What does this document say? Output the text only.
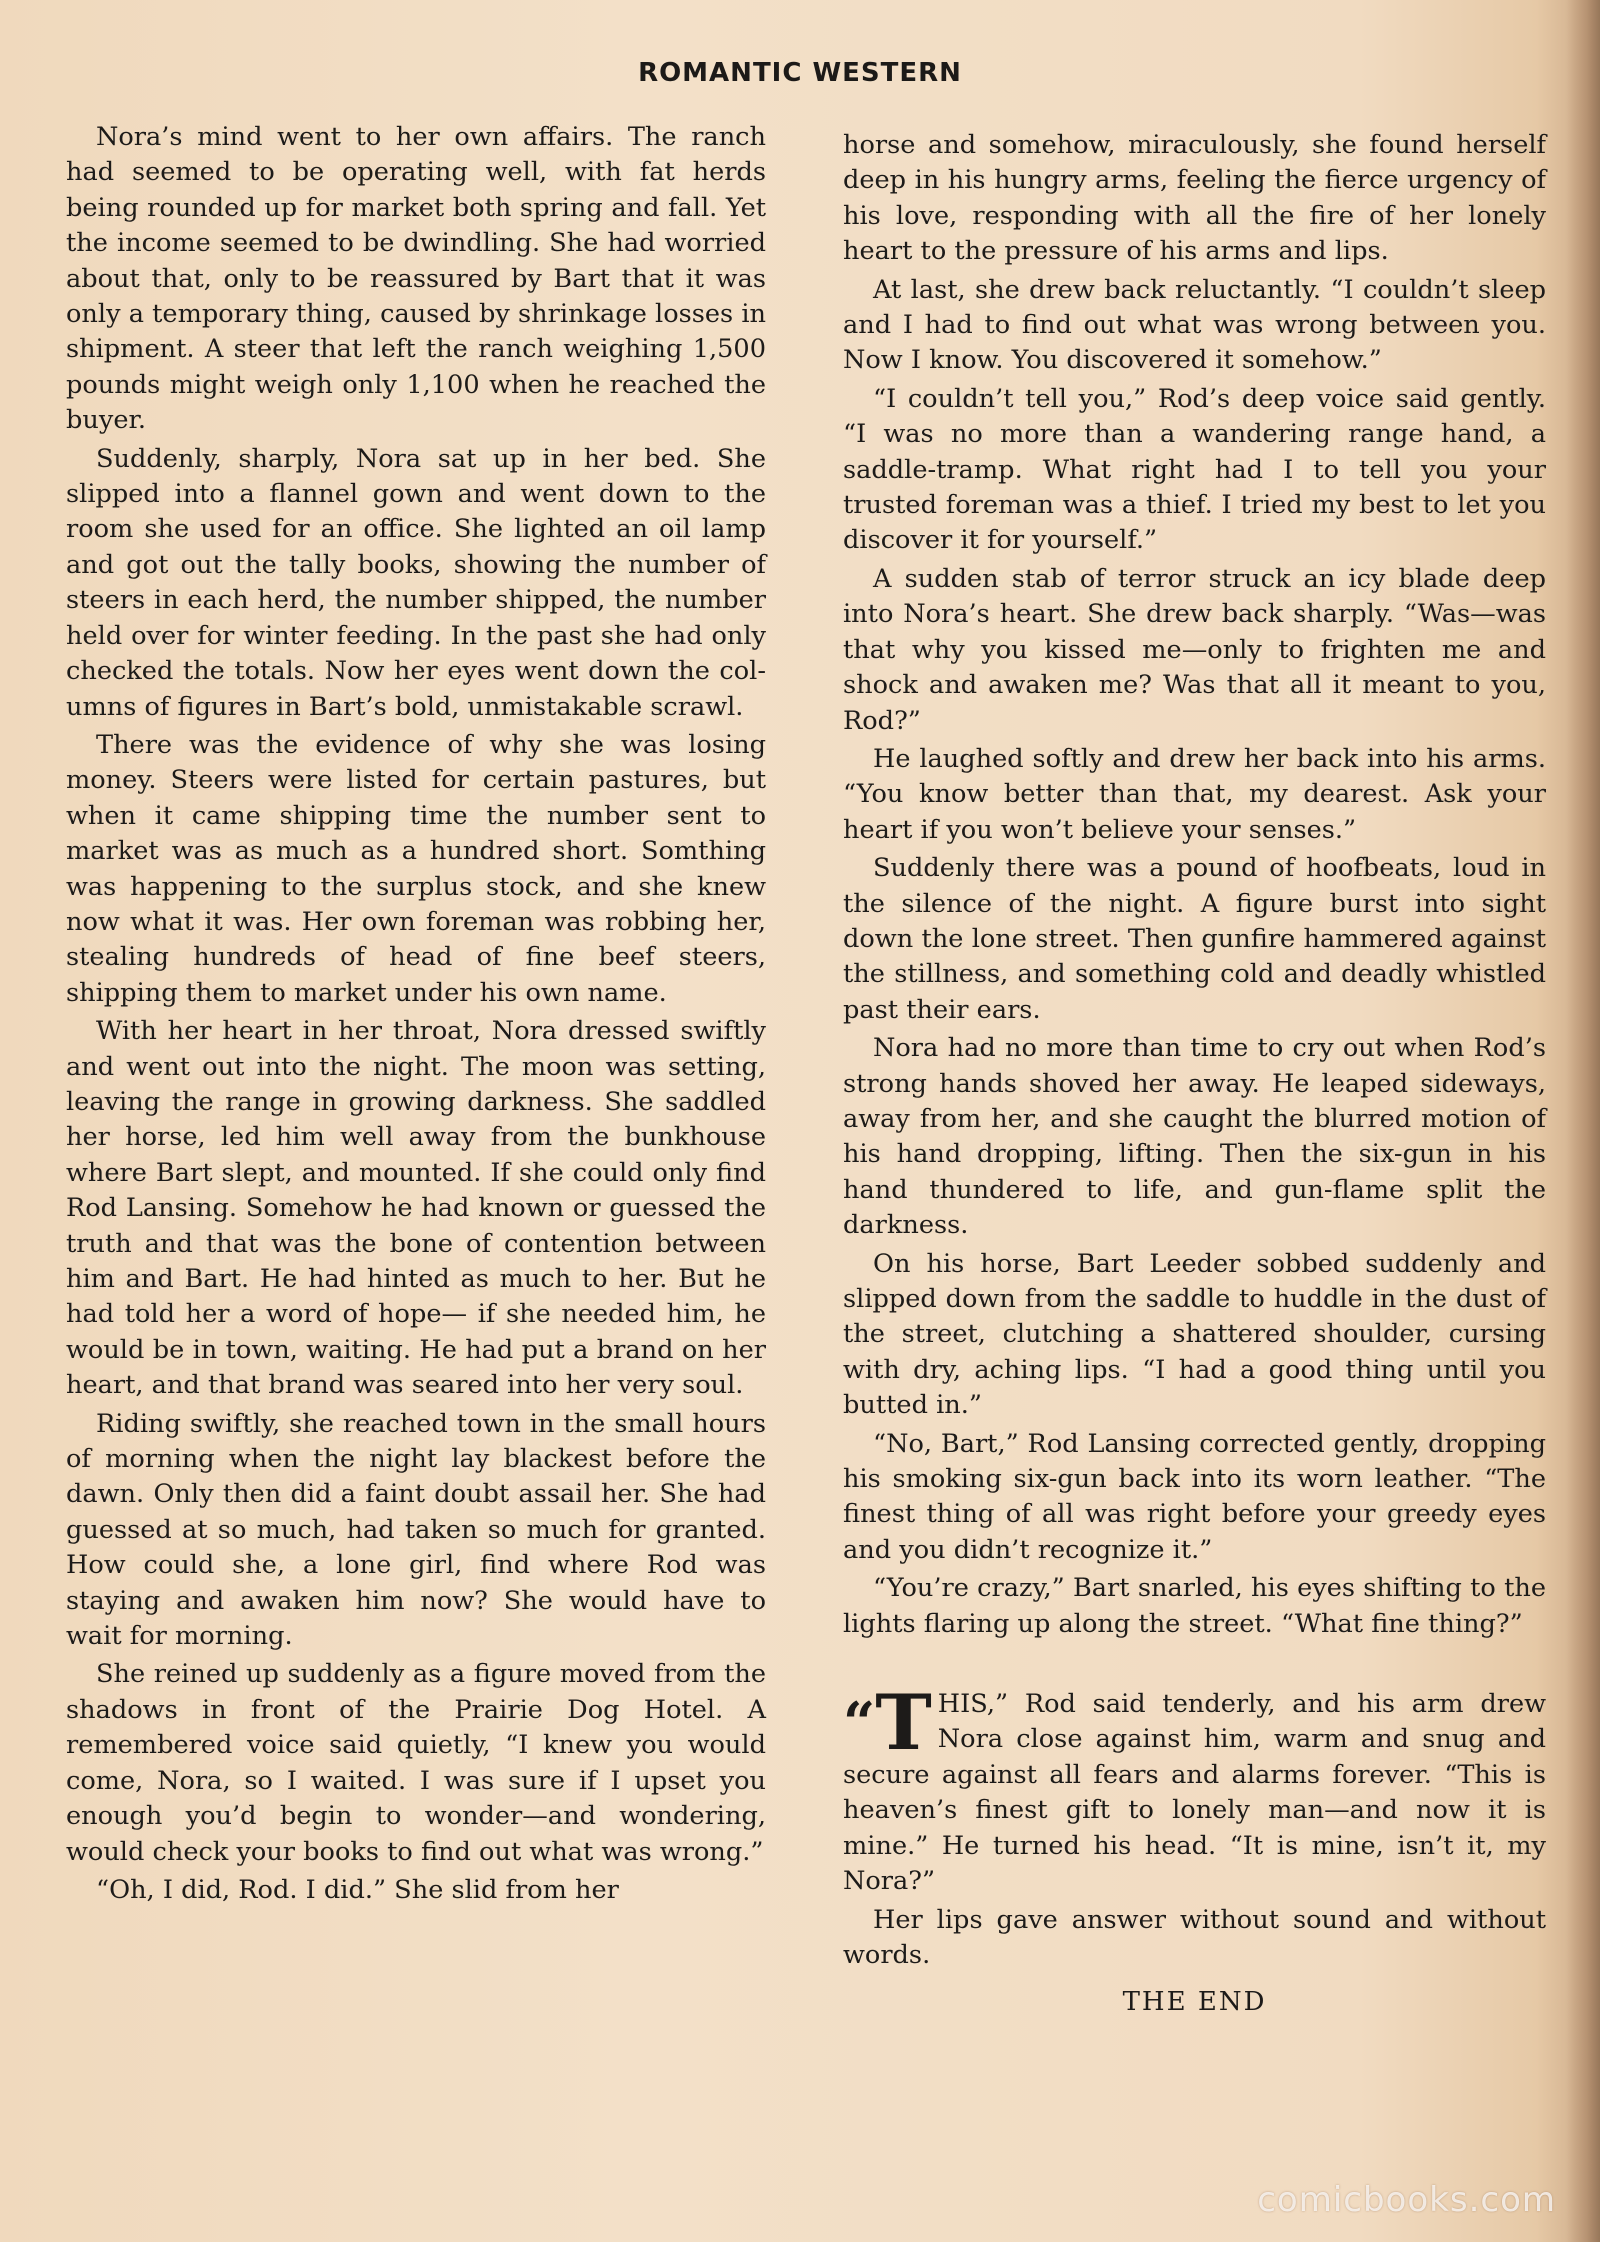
ROMANTIC WESTERN

Nora’s mind went to her own affairs. The ranch had seemed to be operating well, with fat herds being rounded up for market both spring and fall. Yet the income seemed to be dwindling. She had worried about that, only to be reassured by Bart that it was only a temporary thing, caused by shrinkage losses in shipment. A steer that left the ranch weighing 1,500 pounds might weigh only 1,100 when he reached the buyer.

Suddenly, sharply, Nora sat up in her bed. She slipped into a flannel gown and went down to the room she used for an office. She lighted an oil lamp and got out the tally books, showing the number of steers in each herd, the number shipped, the number held over for winter feeding. In the past she had only checked the totals. Now her eyes went down the columns of figures in Bart’s bold, unmistakable scrawl.

There was the evidence of why she was losing money. Steers were listed for certain pastures, but when it came shipping time the number sent to market was as much as a hundred short. Somthing was happening to the surplus stock, and she knew now what it was. Her own foreman was robbing her, stealing hundreds of head of fine beef steers, shipping them to market under his own name.

With her heart in her throat, Nora dressed swiftly and went out into the night. The moon was setting, leaving the range in growing darkness. She saddled her horse, led him well away from the bunkhouse where Bart slept, and mounted. If she could only find Rod Lansing. Somehow he had known or guessed the truth and that was the bone of contention between him and Bart. He had hinted as much to her. But he had told her a word of hope— if she needed him, he would be in town, waiting. He had put a brand on her heart, and that brand was seared into her very soul.

Riding swiftly, she reached town in the small hours of morning when the night lay blackest before the dawn. Only then did a faint doubt assail her. She had guessed at so much, had taken so much for granted. How could she, a lone girl, find where Rod was staying and awaken him now? She would have to wait for morning.

She reined up suddenly as a figure moved from the shadows in front of the Prairie Dog Hotel. A remembered voice said quietly, “I knew you would come, Nora, so I waited. I was sure if I upset you enough you’d begin to wonder—and wondering, would check your books to find out what was wrong.”

“Oh, I did, Rod. I did.” She slid from her

horse and somehow, miraculously, she found herself deep in his hungry arms, feeling the fierce urgency of his love, responding with all the fire of her lonely heart to the pressure of his arms and lips.

At last, she drew back reluctantly. “I couldn’t sleep and I had to find out what was wrong between you. Now I know. You discovered it somehow.”

“I couldn’t tell you,” Rod’s deep voice said gently. “I was no more than a wandering range hand, a saddle-tramp. What right had I to tell you your trusted foreman was a thief. I tried my best to let you discover it for yourself.”

A sudden stab of terror struck an icy blade deep into Nora’s heart. She drew back sharply. “Was—was that why you kissed me—only to frighten me and shock and awaken me? Was that all it meant to you, Rod?”

He laughed softly and drew her back into his arms. “You know better than that, my dearest. Ask your heart if you won’t believe your senses.”

Suddenly there was a pound of hoofbeats, loud in the silence of the night. A figure burst into sight down the lone street. Then gunfire hammered against the stillness, and something cold and deadly whistled past their ears.

Nora had no more than time to cry out when Rod’s strong hands shoved her away. He leaped sideways, away from her, and she caught the blurred motion of his hand dropping, lifting. Then the six-gun in his hand thundered to life, and gun-flame split the darkness.

On his horse, Bart Leeder sobbed suddenly and slipped down from the saddle to huddle in the dust of the street, clutching a shattered shoulder, cursing with dry, aching lips. “I had a good thing until you butted in.”

“No, Bart,” Rod Lansing corrected gently, dropping his smoking six-gun back into its worn leather. “The finest thing of all was right before your greedy eyes and you didn’t recognize it.”

“You’re crazy,” Bart snarled, his eyes shifting to the lights flaring up along the street. “What fine thing?”

“T HIS,” Rod said tenderly, and his arm drew Nora close against him, warm and snug and secure against all fears and alarms forever. “This is heaven’s finest gift to lonely man—and now it is mine.” He turned his head. “It is mine, isn’t it, my Nora?”

Her lips gave answer without sound and without words.

THE END
comicbooks.com
